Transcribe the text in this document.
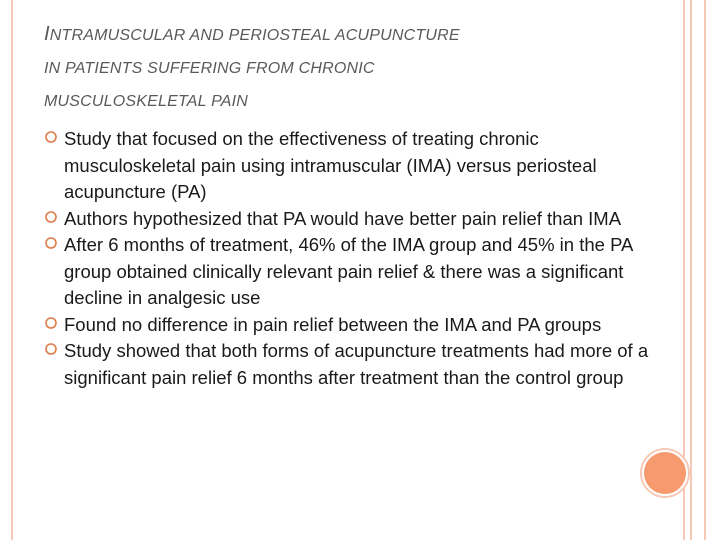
INTRAMUSCULAR AND PERIOSTEAL ACUPUNCTURE
IN PATIENTS SUFFERING FROM CHRONIC
MUSCULOSKELETAL PAIN
Study that focused on the effectiveness of treating chronic musculoskeletal pain using intramuscular (IMA) versus periosteal acupuncture (PA)
Authors hypothesized that PA would have better pain relief than IMA
After 6 months of treatment, 46% of the IMA group and 45% in the PA group obtained clinically relevant pain relief & there was a significant decline in analgesic use
Found no difference in pain relief between the IMA and PA groups
Study showed that both forms of acupuncture treatments had more of a significant pain relief 6 months after treatment than the control group
